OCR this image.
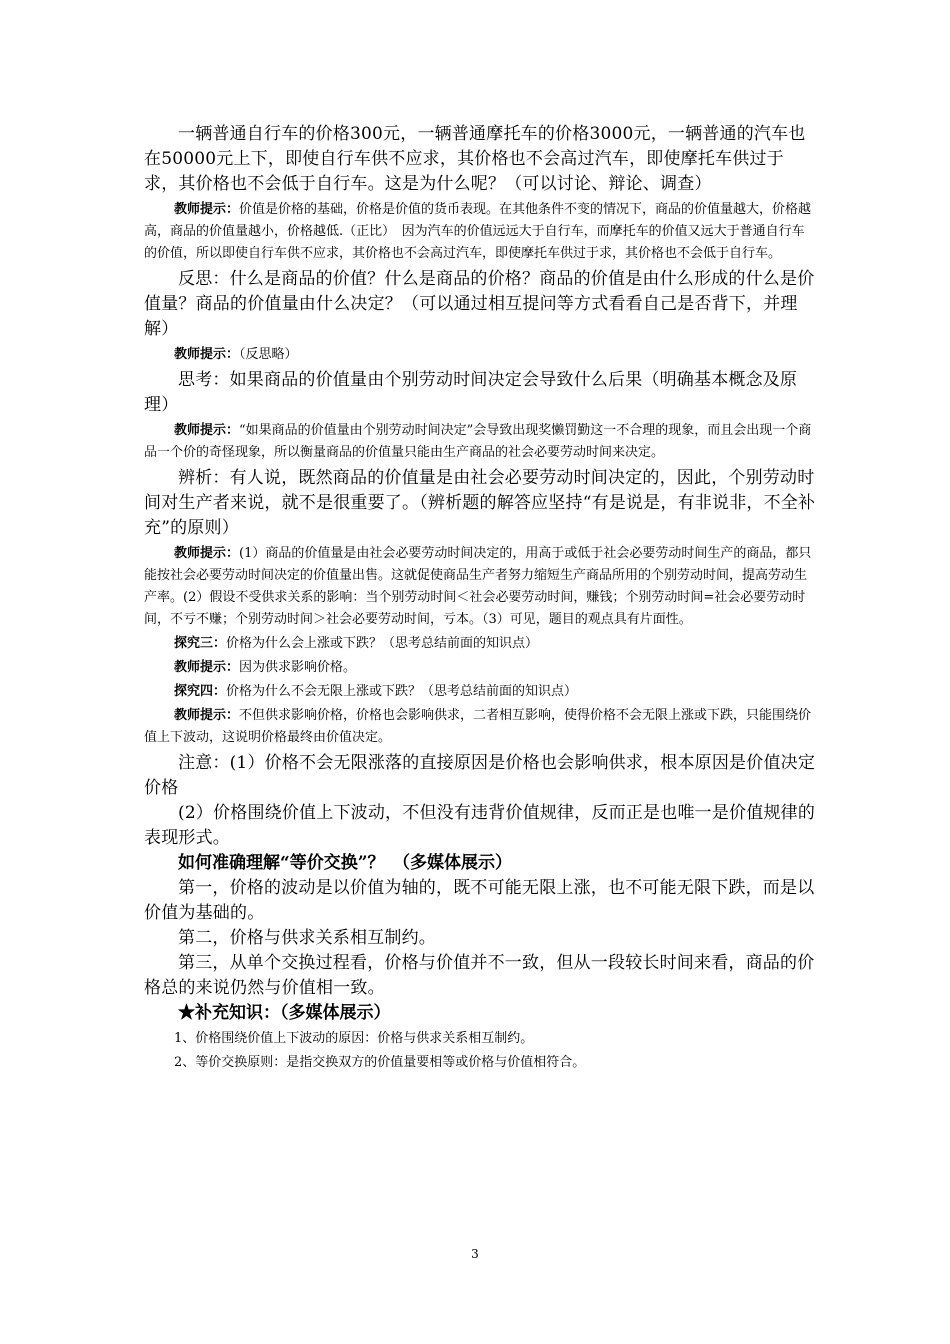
一辆普通自行车的价格300元，一辆普通摩托车的价格3000元，一辆普通的汽车也在50000元上下，即使自行车供不应求，其价格也不会高过汽车，即使摩托车供过于求，其价格也不会低于自行车。这是为什么呢？（可以讨论、辩论、调查）

教师提示：价值是价格的基础，价格是价值的货币表现。在其他条件不变的情况下，商品的价值量越大，价格越高，商品的价值量越小，价格越低.（正比）　因为汽车的价值远远大于自行车，而摩托车的价值又远大于普通自行车的价值，所以即使自行车供不应求，其价格也不会高过汽车，即使摩托车供过于求，其价格也不会低于自行车。

反思：什么是商品的价值？什么是商品的价格？商品的价值是由什么形成的什么是价值量？商品的价值量由什么决定？（可以通过相互提问等方式看看自己是否背下，并理解）

教师提示：（反思略）

思考：如果商品的价值量由个别劳动时间决定会导致什么后果（明确基本概念及原理）

教师提示：“如果商品的价值量由个别劳动时间决定”会导致出现奖懒罚勤这一不合理的现象，而且会出现一个商品一个价的奇怪现象，所以衡量商品的价值量只能由生产商品的社会必要劳动时间来决定。

辨析：有人说，既然商品的价值量是由社会必要劳动时间决定的，因此，个别劳动时间对生产者来说，就不是很重要了。（辨析题的解答应坚持“有是说是，有非说非，不全补充”的原则）

教师提示：(1）商品的价值量是由社会必要劳动时间决定的，用高于或低于社会必要劳动时间生产的商品，都只能按社会必要劳动时间决定的价值量出售。这就促使商品生产者努力缩短生产商品所用的个别劳动时间，提高劳动生产率。(2）假设不受供求关系的影响：当个别劳动时间＜社会必要劳动时间，赚钱；个别劳动时间=社会必要劳动时间，不亏不赚；个别劳动时间＞社会必要劳动时间，亏本。（3）可见，题目的观点具有片面性。

探究三：价格为什么会上涨或下跌？（思考总结前面的知识点）

教师提示：因为供求影响价格。

探究四：价格为什么不会无限上涨或下跌？（思考总结前面的知识点）

教师提示：不但供求影响价格，价格也会影响供求，二者相互影响，使得价格不会无限上涨或下跌，只能围绕价值上下波动，这说明价格最终由价值决定。

注意：(1）价格不会无限涨落的直接原因是价格也会影响供求，根本原因是价值决定价格

(2）价格围绕价值上下波动，不但没有违背价值规律，反而正是也唯一是价值规律的表现形式。

如何准确理解“等价交换”？　（多媒体展示）

第一，价格的波动是以价值为轴的，既不可能无限上涨，也不可能无限下跌，而是以价值为基础的。

第二，价格与供求关系相互制约。

第三，从单个交换过程看，价格与价值并不一致，但从一段较长时间来看，商品的价格总的来说仍然与价值相一致。

★补充知识：（多媒体展示）

1、价格围绕价值上下波动的原因：价格与供求关系相互制约。

2、等价交换原则：是指交换双方的价值量要相等或价格与价值相符合。

3
